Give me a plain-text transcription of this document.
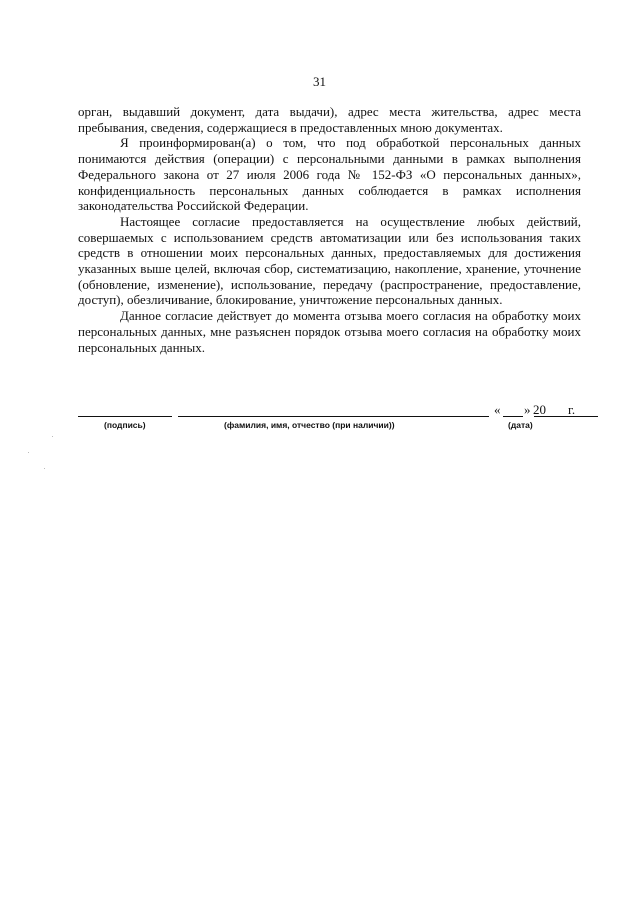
31

орган, выдавший документ, дата выдачи), адрес места жительства, адрес места пребывания, сведения, содержащиеся в предоставленных мною документах.

Я проинформирован(а) о том, что под обработкой персональных данных понимаются действия (операции) с персональными данными в рамках выполнения Федерального закона от 27 июля 2006 года № 152-ФЗ «О персональных данных», конфиденциальность персональных данных соблюдается в рамках исполнения законодательства Российской Федерации.

Настоящее согласие предоставляется на осуществление любых действий, совершаемых с использованием средств автоматизации или без использования таких средств в отношении моих персональных данных, предоставляемых для достижения указанных выше целей, включая сбор, систематизацию, накопление, хранение, уточнение (обновление, изменение), использование, передачу (распространение, предоставление, доступ), обезличивание, блокирование, уничтожение персональных данных.

Данное согласие действует до момента отзыва моего согласия на обработку моих персональных данных, мне разъяснен порядок отзыва моего согласия на обработку моих персональных данных.

« » 20 г.
(подпись)	(фамилия, имя, отчество (при наличии))	(дата)
